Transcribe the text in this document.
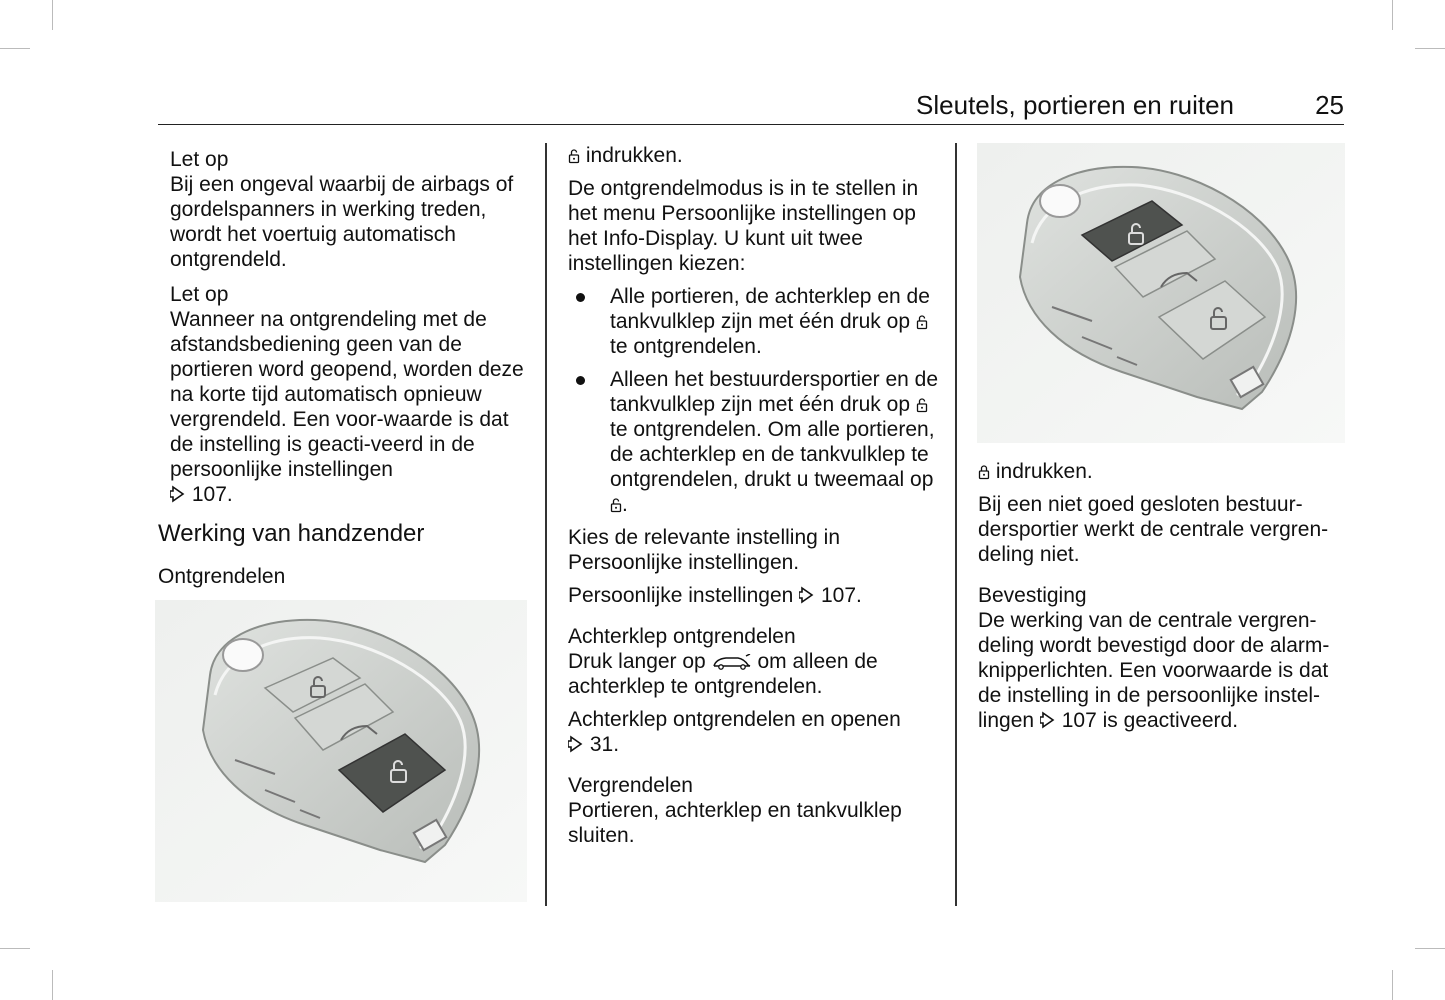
Sleutels, portieren en ruiten	25
Let op
Bij een ongeval waarbij de airbags of gordelspanners in werking treden, wordt het voertuig automatisch ontgrendeld.
Let op
Wanneer na ontgrendeling met de afstandsbediening geen van de portieren word geopend, worden deze na korte tijd automatisch opnieuw vergrendeld. Een voor-waarde is dat de instelling is geacti-veerd in de persoonlijke instellingen
107.
Werking van handzender
Ontgrendelen

indrukken.

De ontgrendelmodus is in te stellen in het menu Persoonlijke instellingen op het Info-Display. U kunt uit twee instellingen kiezen:

Alle portieren, de achterklep en de tankvulklep zijn met één druk op  te ontgrendelen.
Alleen het bestuurdersportier en de tankvulklep zijn met één druk op  te ontgrendelen. Om alle portieren, de achterklep en de tankvulklep te ontgrendelen, drukt u tweemaal op .

Kies de relevante instelling in Persoonlijke instellingen.

Persoonlijke instellingen 107.

Achterklep ontgrendelen

Druk langer op om alleen de achterklep te ontgrendelen.

Achterklep ontgrendelen en openen
31.

Vergrendelen

Portieren, achterklep en tankvulklep sluiten.

indrukken.

Bij een niet goed gesloten bestuur-dersportier werkt de centrale vergren-deling niet.

Bevestiging

De werking van de centrale vergren-deling wordt bevestigd door de alarm-knipperlichten. Een voorwaarde is dat de instelling in de persoonlijke instel-lingen 107 is geactiveerd.
